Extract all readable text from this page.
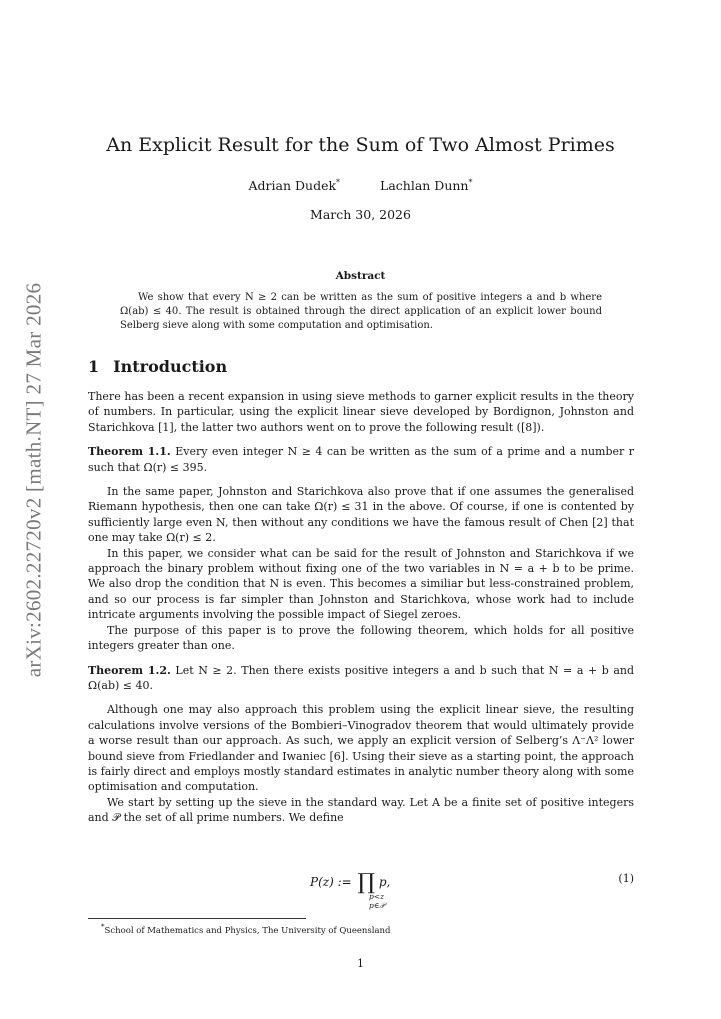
arXiv:2602.22720v2 [math.NT] 27 Mar 2026
An Explicit Result for the Sum of Two Almost Primes
Adrian Dudek*	Lachlan Dunn*
March 30, 2026
Abstract
We show that every N ≥ 2 can be written as the sum of positive integers a and b where Ω(ab) ≤ 40. The result is obtained through the direct application of an explicit lower bound Selberg sieve along with some computation and optimisation.
1 Introduction

There has been a recent expansion in using sieve methods to garner explicit results in the theory of numbers. In particular, using the explicit linear sieve developed by Bordignon, Johnston and Starichkova [1], the latter two authors went on to prove the following result ([8]).

Theorem 1.1. Every even integer N ≥ 4 can be written as the sum of a prime and a number r such that Ω(r) ≤ 395.

In the same paper, Johnston and Starichkova also prove that if one assumes the generalised Riemann hypothesis, then one can take Ω(r) ≤ 31 in the above. Of course, if one is contented by sufficiently large even N, then without any conditions we have the famous result of Chen [2] that one may take Ω(r) ≤ 2.

In this paper, we consider what can be said for the result of Johnston and Starichkova if we approach the binary problem without fixing one of the two variables in N = a + b to be prime. We also drop the condition that N is even. This becomes a similiar but less-constrained problem, and so our process is far simpler than Johnston and Starichkova, whose work had to include intricate arguments involving the possible impact of Siegel zeroes.

The purpose of this paper is to prove the following theorem, which holds for all positive integers greater than one.

Theorem 1.2. Let N ≥ 2. Then there exists positive integers a and b such that N = a + b and Ω(ab) ≤ 40.

Although one may also approach this problem using the explicit linear sieve, the resulting calculations involve versions of the Bombieri–Vinogradov theorem that would ultimately provide a worse result than our approach. As such, we apply an explicit version of Selberg’s Λ⁻Λ² lower bound sieve from Friedlander and Iwaniec [6]. Using their sieve as a starting point, the approach is fairly direct and employs mostly standard estimates in analytic number theory along with some optimisation and computation.

We start by setting up the sieve in the standard way. Let A be a finite set of positive integers and 𝒫 the set of all prime numbers. We define

P(z) := ∏ p,
p<z
p∈𝒫
(1)
*School of Mathematics and Physics, The University of Queensland
1
